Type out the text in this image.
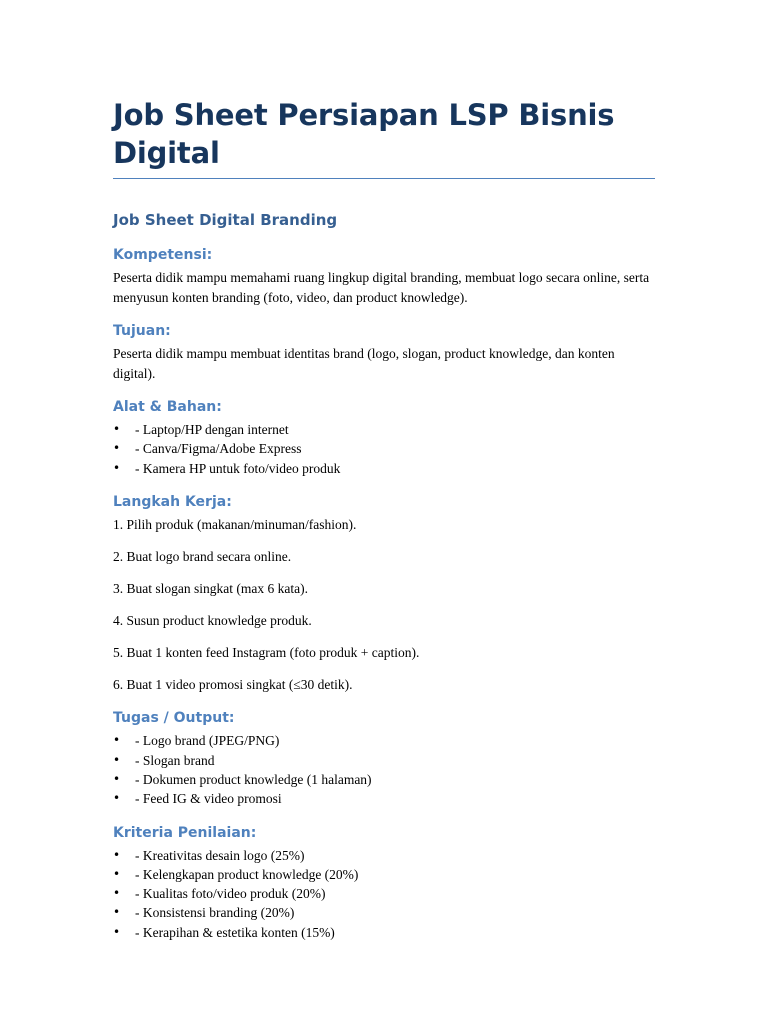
Job Sheet Persiapan LSP Bisnis Digital
Job Sheet Digital Branding
Kompetensi:

Peserta didik mampu memahami ruang lingkup digital branding, membuat logo secara online, serta menyusun konten branding (foto, video, dan product knowledge).

Tujuan:

Peserta didik mampu membuat identitas brand (logo, slogan, product knowledge, dan konten digital).

Alat & Bahan:
• - Laptop/HP dengan internet
• - Canva/Figma/Adobe Express
• - Kamera HP untuk foto/video produk
Langkah Kerja:

1. Pilih produk (makanan/minuman/fashion).

2. Buat logo brand secara online.

3. Buat slogan singkat (max 6 kata).

4. Susun product knowledge produk.

5. Buat 1 konten feed Instagram (foto produk + caption).

6. Buat 1 video promosi singkat (≤30 detik).

Tugas / Output:
• - Logo brand (JPEG/PNG)
• - Slogan brand
• - Dokumen product knowledge (1 halaman)
• - Feed IG & video promosi
Kriteria Penilaian:
• - Kreativitas desain logo (25%)
• - Kelengkapan product knowledge (20%)
• - Kualitas foto/video produk (20%)
• - Konsistensi branding (20%)
• - Kerapihan & estetika konten (15%)
